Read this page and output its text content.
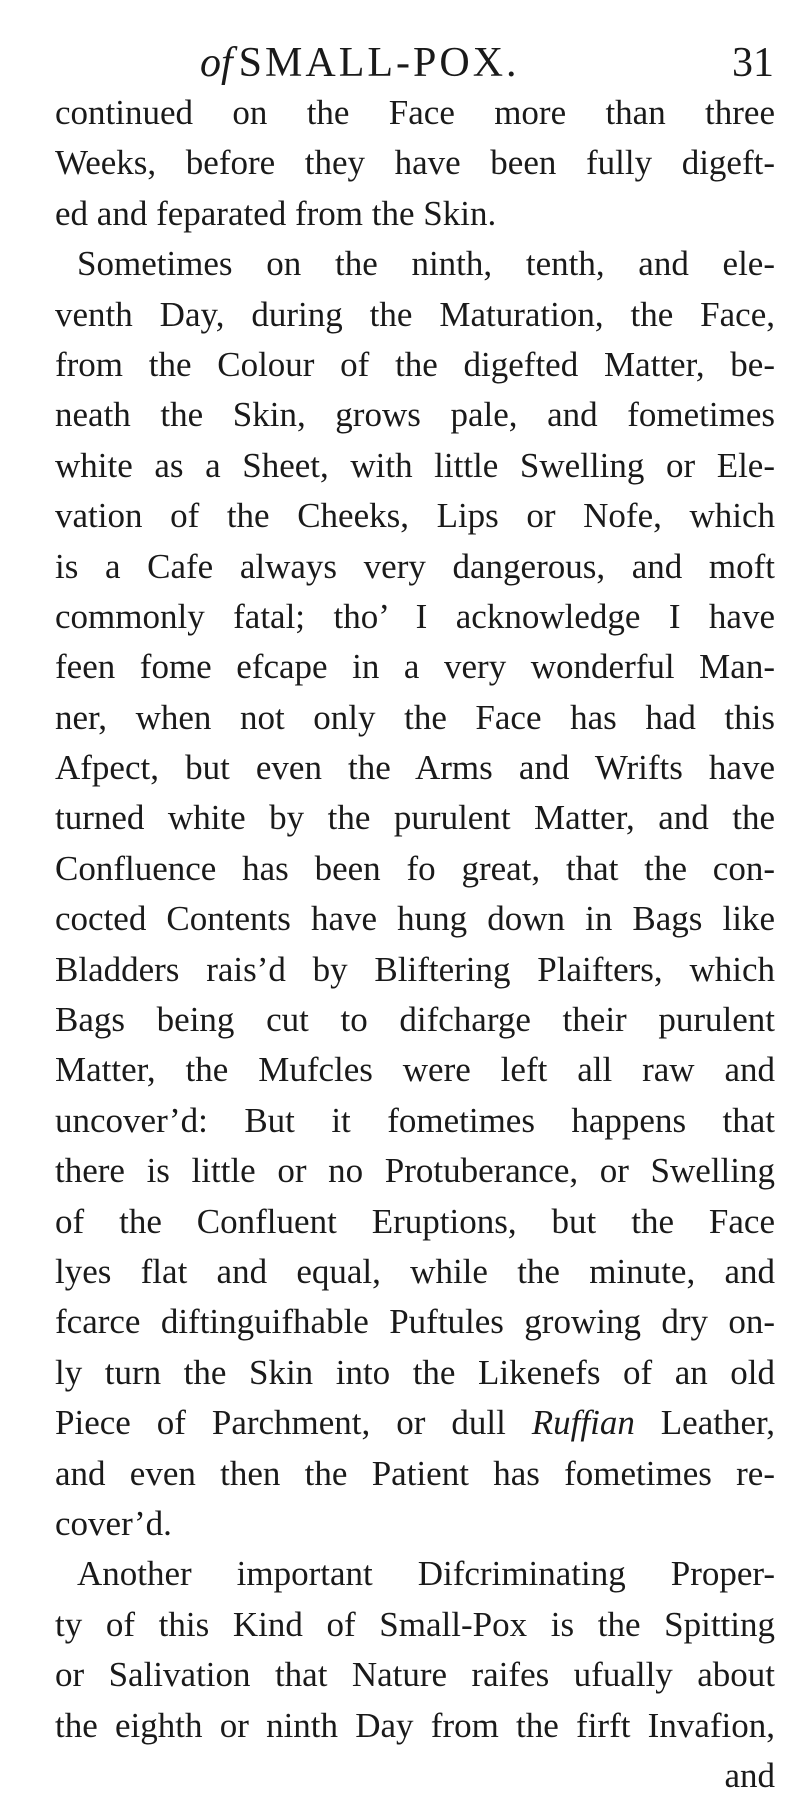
of SMALL-POX.	31
continued on the Face more than three
Weeks, before they have been fully digeft-
ed and feparated from the Skin.
Sometimes on the ninth, tenth, and ele-
venth Day, during the Maturation, the Face,
from the Colour of the digefted Matter, be-
neath the Skin, grows pale, and fometimes
white as a Sheet, with little Swelling or Ele-
vation of the Cheeks, Lips or Nofe, which
is a Cafe always very dangerous, and moft
commonly fatal; tho’ I acknowledge I have
feen fome efcape in a very wonderful Man-
ner, when not only the Face has had this
Afpect, but even the Arms and Wrifts have
turned white by the purulent Matter, and the
Confluence has been fo great, that the con-
cocted Contents have hung down in Bags like
Bladders rais’d by Bliftering Plaifters, which
Bags being cut to difcharge their purulent
Matter, the Mufcles were left all raw and
uncover’d: But it fometimes happens that
there is little or no Protuberance, or Swelling
of the Confluent Eruptions, but the Face
lyes flat and equal, while the minute, and
fcarce diftinguifhable Puftules growing dry on-
ly turn the Skin into the Likenefs of an old
Piece of Parchment, or dull Ruffian Leather,
and even then the Patient has fometimes re-
cover’d.
Another important Difcriminating Proper-
ty of this Kind of Small-Pox is the Spitting
or Salivation that Nature raifes ufually about
the eighth or ninth Day from the firft Invafion,
and
